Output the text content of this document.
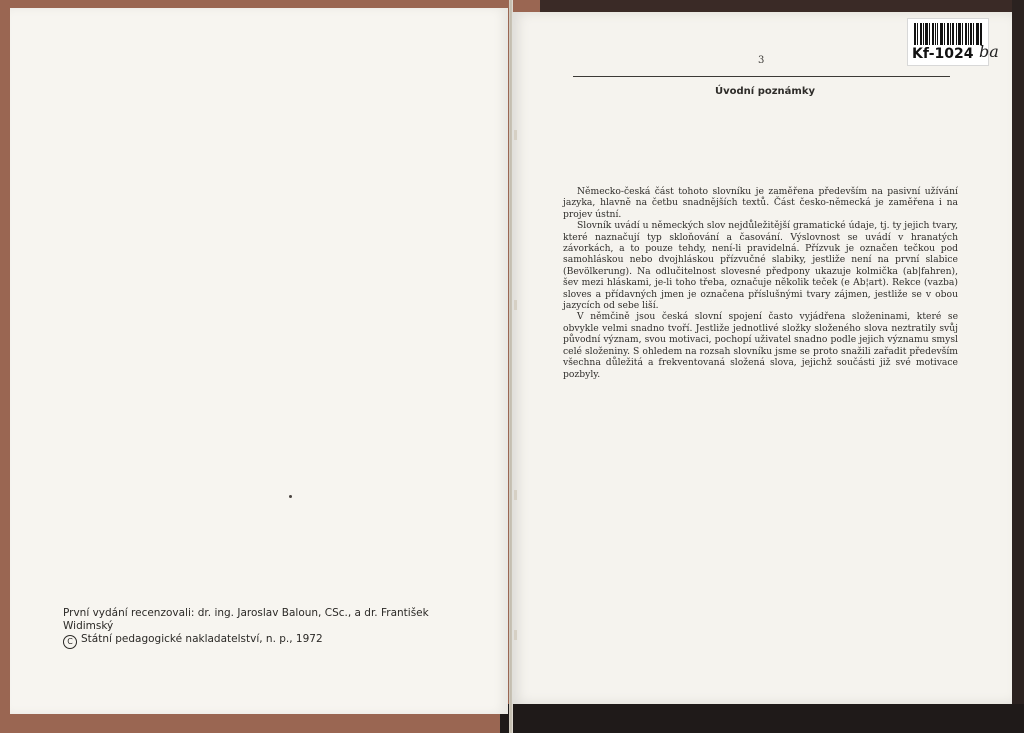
První vydání recenzovali: dr. ing. Jaroslav Baloun, CSc., a dr. František
Widimský
C Státní pedagogické nakladatelství, n. p., 1972
3
Úvodní poznámky

Německo-česká část tohoto slovníku je zaměřena především na pasivní užívání jazyka, hlavně na četbu snadnějších textů. Část česko-německá je zaměřena i na projev ústní.

Slovník uvádí u německých slov nejdůležitější gramatické údaje, tj. ty jejich tvary, které naznačují typ skloňování a časování. Výslovnost se uvádí v hranatých závorkách, a to pouze tehdy, není-li pravidelná. Přízvuk je označen tečkou pod samohláskou nebo dvojhláskou přízvučné slabiky, jestliže není na první slabice (Bevölkerung). Na odlučitelnost slovesné předpony ukazuje kolmička (ab|fahren), šev mezi hláskami, je-li toho třeba, označuje několik teček (e Ab¦art). Rekce (vazba) sloves a přídavných jmen je označena příslušnými tvary zájmen, jestliže se v obou jazycích od sebe liší.

V němčině jsou česká slovní spojení často vyjádřena složeninami, které se obvykle velmi snadno tvoří. Jestliže jednotlivé složky složeného slova neztratily svůj původní význam, svou motivaci, pochopí uživatel snadno podle jejich významu smysl celé složeniny. S ohledem na rozsah slovníku jsme se proto snažili zařadit především všechna důležitá a frekventovaná složená slova, jejichž součásti již své motivace pozbyly.

Kf-1024 ba
